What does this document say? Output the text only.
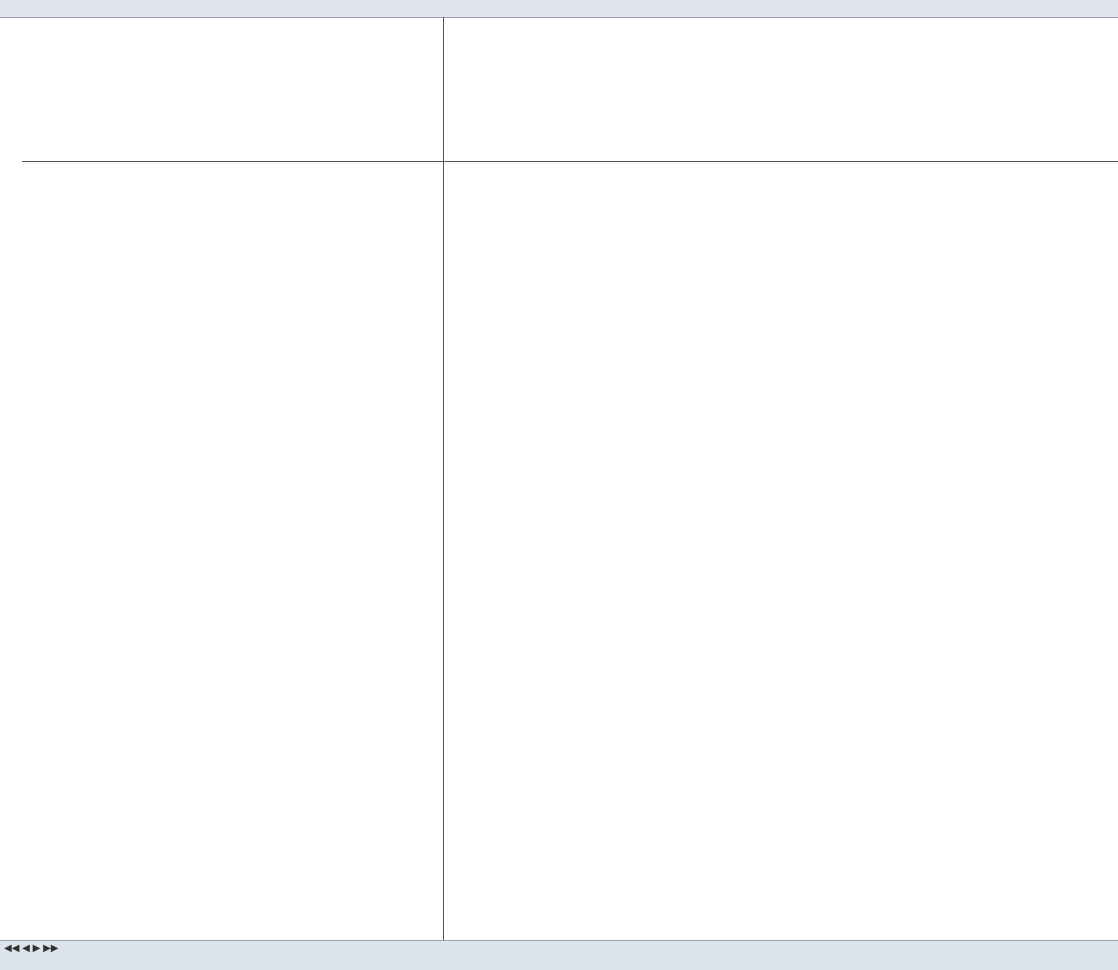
◀◀ ◀ ▶ ▶▶
